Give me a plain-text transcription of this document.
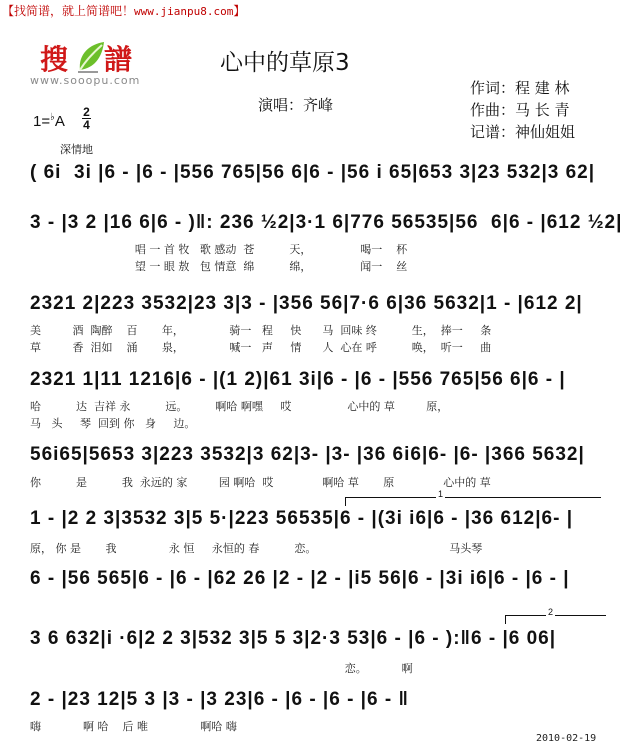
【找简谱，就上简谱吧！www.jianpu8.com】
搜 譜
www.sooopu.com
心中的草原3
演唱：齐峰
作词：程 建 林
作曲：马 长 青
记谱：神仙姐姐
1=♭A
2
4
深情地
( 6i  3i |6 - |6 - |556 765|56 6|6 - |56 i 65|653 3|23 532|3 62|
3 - |3 2 |16 6|6 - )‖: 236 ½2|3·1 6|776 56535|56  6|6 - |612 ½2|
唱 一 首 牧   歌 感动  苍          天，              喝一    杯
望 一 眼 敖   包 情意  绵          绵，              闻一    丝
2321 2|223 3532|23 3|3 - |356 56|7·6 6|36 5632|1 - |612 2|
美         酒  陶醉    百       年，             骑一   程     快      马  回味 终          生，  捧一     条
草         香  泪如    涌       泉，             喊一   声     情      人  心在 呼          唤，  听一     曲
2321 1|11 1216|6 - |(1 2)|61 3i|6 - |6 - |556 765|56 6|6 - |
哈          达  吉祥 永          远。        啊哈 啊嘿     哎                心中的 草         原，
马   头     琴  回到 你   身     边。
56i65|5653 3|223 3532|3 62|3- |3- |36 6i6|6- |6- |366 5632|
你          是          我  永远的 家         园 啊哈  哎              啊哈 草       原              心中的 草
1
1 - |2 2 3|3532 3|5 5·|223 56535|6 - |(3i i6|6 - |36 612|6- |
原， 你 是       我               永 恒     永恒的 春          恋。                                      马头琴
6 - |56 565|6 - |6 - |62 26 |2 - |2 - |i5 56|6 - |3i i6|6 - |6 - |
2
3 6 632|i ·6|2 2 3|532 3|5 5 3|2·3 53|6 - |6 - ):‖6 - |6 06|
恋。          啊
2 - |23 12|5 3 |3 - |3 23|6 - |6 - |6 - |6 - ‖
嗨            啊 哈    后 唯               啊哈 嗨
2010-02-19
